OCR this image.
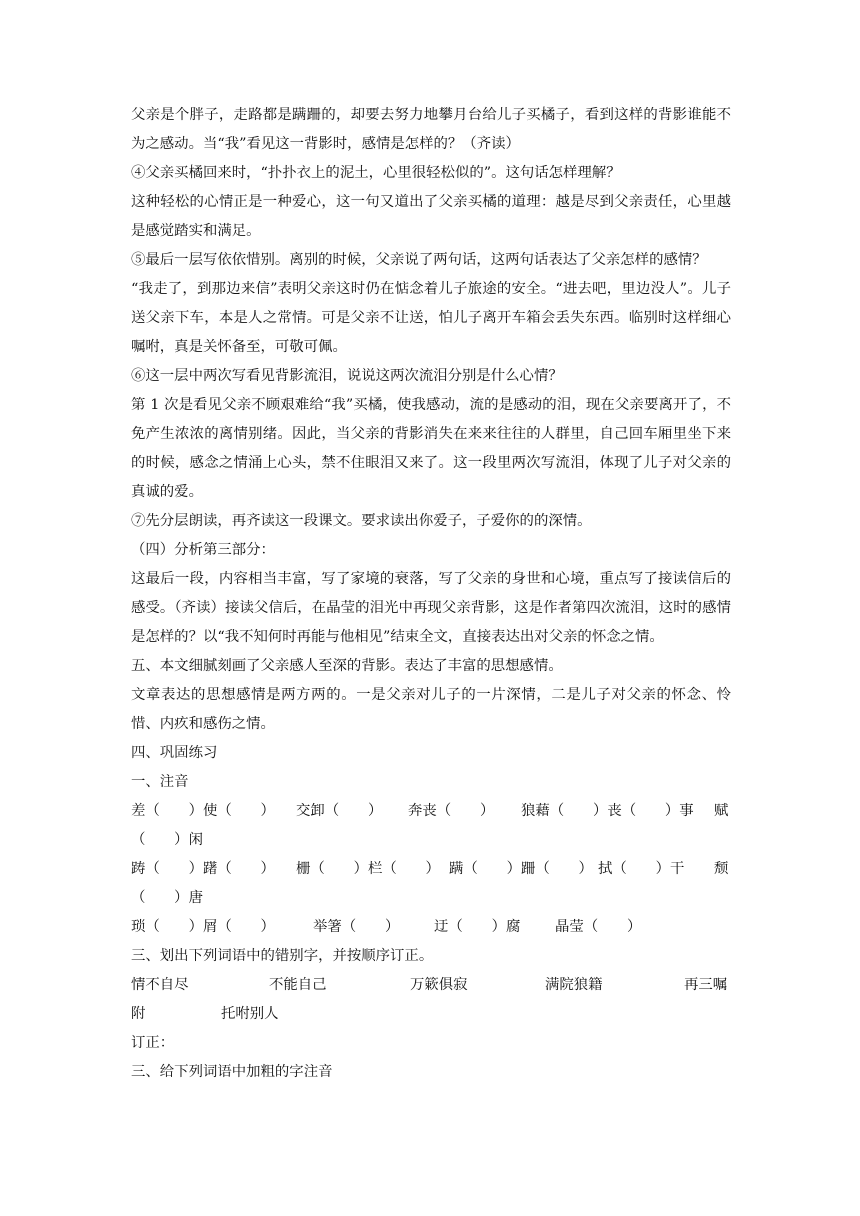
父亲是个胖子，走路都是蹒跚的，却要去努力地攀月台给儿子买橘子，看到这样的背影谁能不为之感动。当“我”看见这一背影时，感情是怎样的？（齐读）

④父亲买橘回来时，“扑扑衣上的泥土，心里很轻松似的”。这句话怎样理解？

这种轻松的心情正是一种爱心，这一句又道出了父亲买橘的道理：越是尽到父亲责任，心里越是感觉踏实和满足。

⑤最后一层写依依惜别。离别的时候，父亲说了两句话，这两句话表达了父亲怎样的感情？

“我走了，到那边来信”表明父亲这时仍在惦念着儿子旅途的安全。“进去吧，里边没人”。儿子送父亲下车，本是人之常情。可是父亲不让送，怕儿子离开车箱会丢失东西。临别时这样细心嘱咐，真是关怀备至，可敬可佩。

⑥这一层中两次写看见背影流泪，说说这两次流泪分别是什么心情？

第 1 次是看见父亲不顾艰难给“我”买橘，使我感动，流的是感动的泪，现在父亲要离开了，不免产生浓浓的离情别绪。因此，当父亲的背影消失在来来往往的人群里，自己回车厢里坐下来的时候，感念之情涌上心头，禁不住眼泪又来了。这一段里两次写流泪，体现了儿子对父亲的真诚的爱。

⑦先分层朗读，再齐读这一段课文。要求读出你爱子，子爱你的的深情。

（四）分析第三部分：

这最后一段，内容相当丰富，写了家境的衰落，写了父亲的身世和心境，重点写了接读信后的感受。（齐读）接读父信后，在晶莹的泪光中再现父亲背影，这是作者第四次流泪，这时的感情是怎样的？以“我不知何时再能与他相见”结束全文，直接表达出对父亲的怀念之情。

五、本文细腻刻画了父亲感人至深的背影。表达了丰富的思想感情。

文章表达的思想感情是两方两的。一是父亲对儿子的一片深情，二是儿子对父亲的怀念、怜惜、内疚和感伤之情。

四、巩固练习

一、注音

差（　　）使（　　） 交卸（　　） 奔丧（　　） 狼藉（　　）丧（　　）事 赋
（　　）闲
踌（　　）躇（　　） 栅（　　）栏（　　） 蹒（　　）跚（　　） 拭（　　）干 颓
（　　）唐
琐（　　）屑（　　）	举箸（　　） 迂（　　）腐 晶莹（　　）

三、划出下列词语中的错别字，并按顺序订正。

情不自尽	不能自己	万簌俱寂	满院狼籍	再三嘱
附	托咐别人

订正：

三、给下列词语中加粗的字注音
